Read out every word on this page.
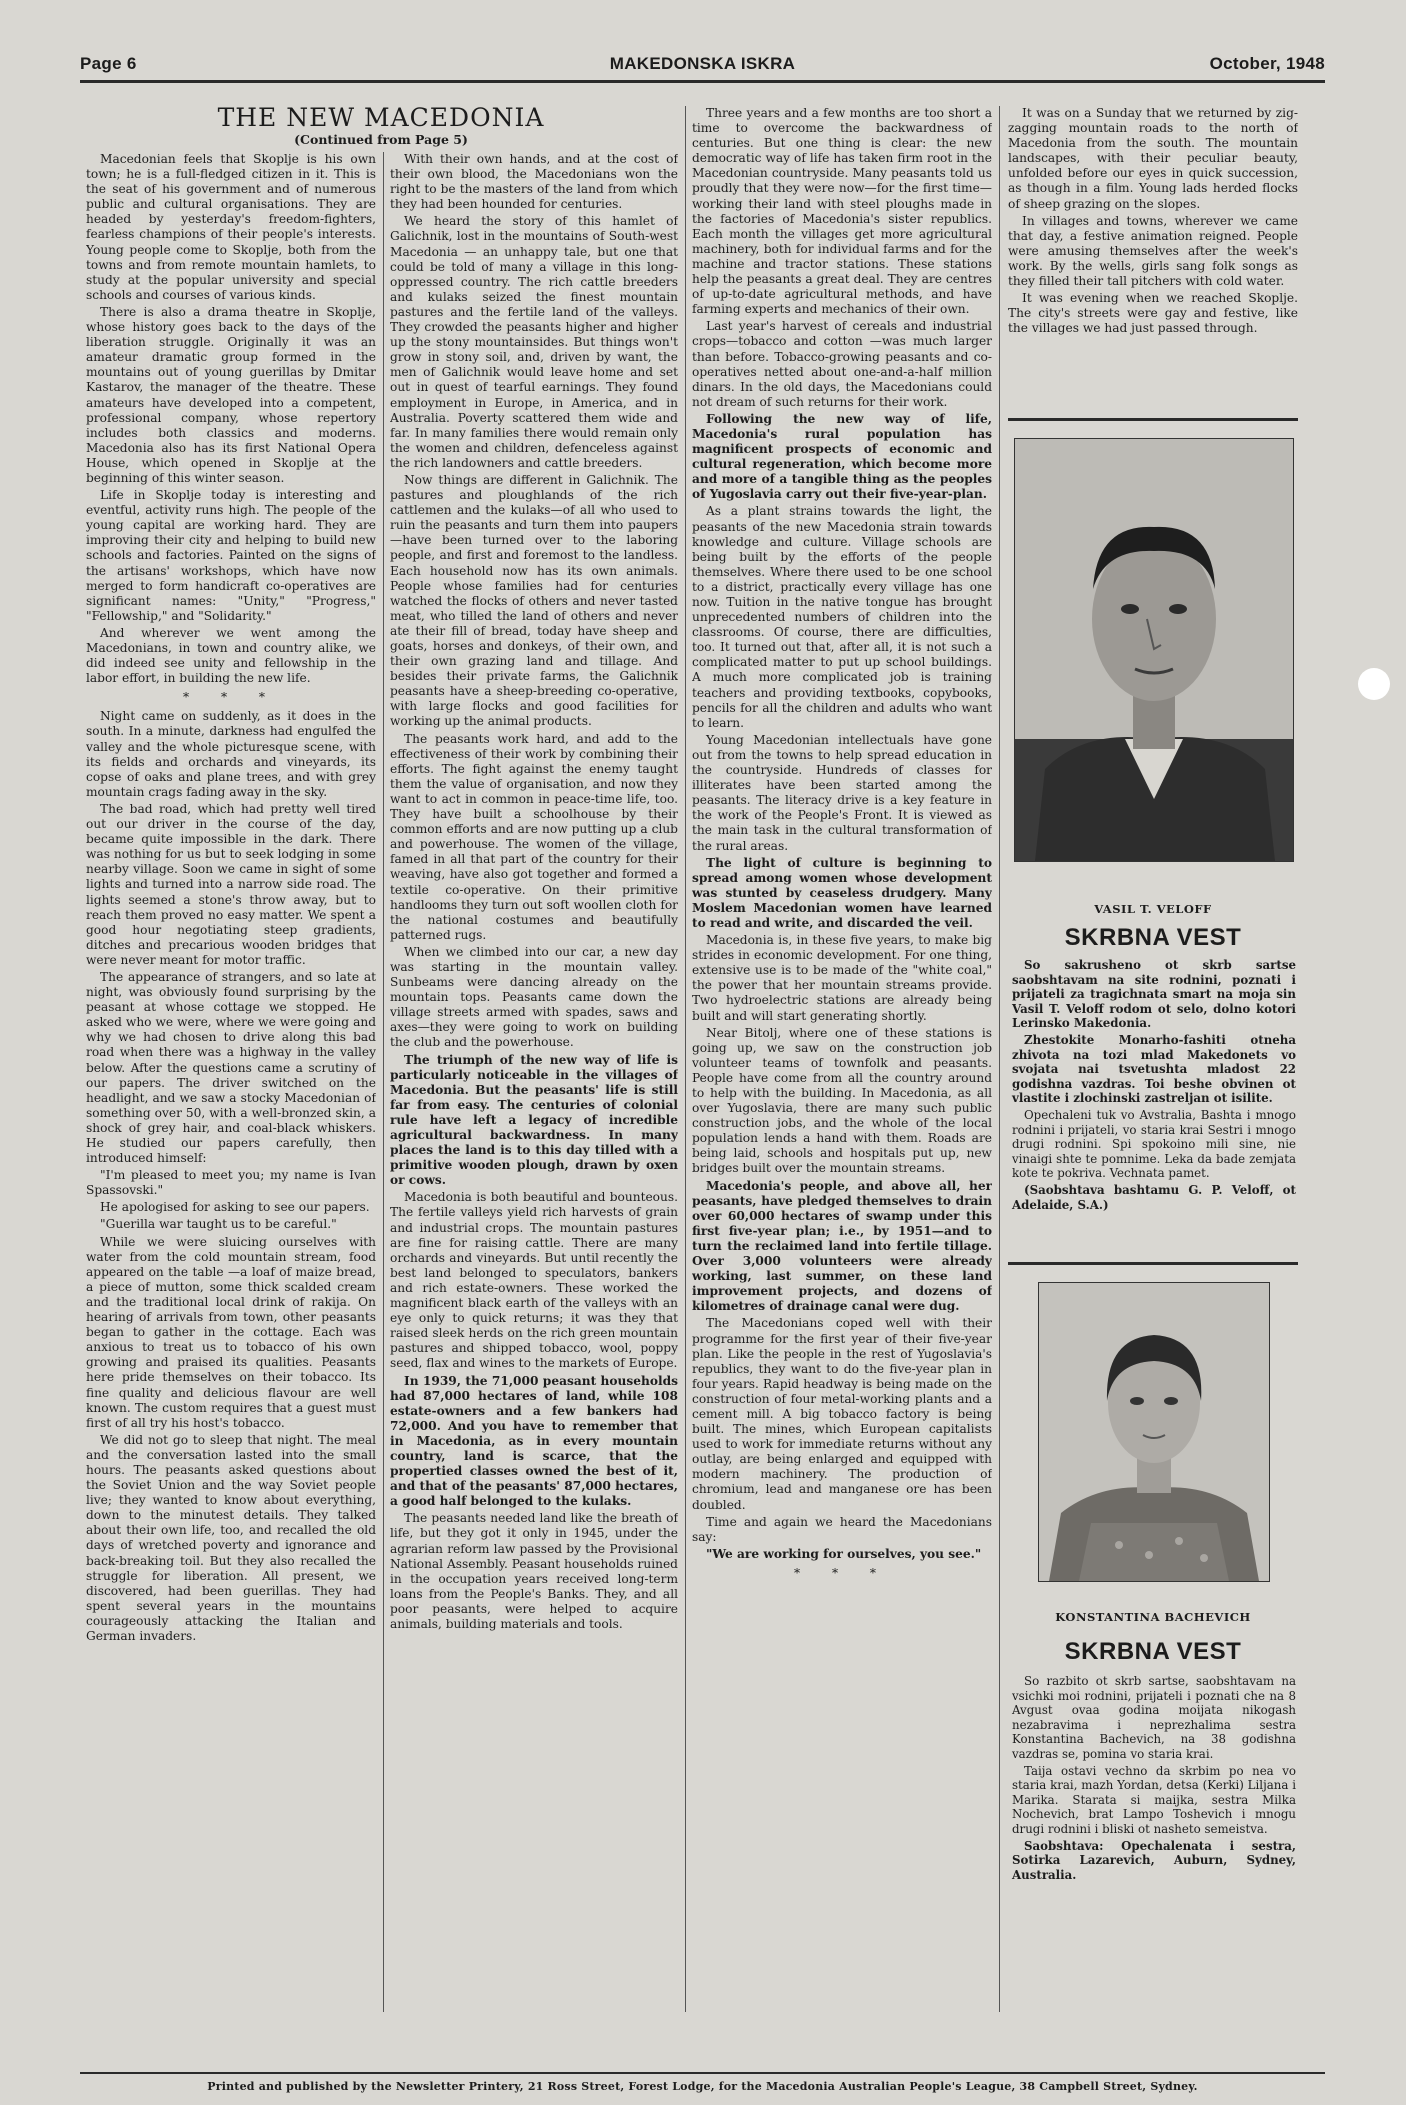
Page 6	MAKEDONSKA ISKRA	October, 1948
THE NEW MACEDONIA
(Continued from Page 5)

Macedonian feels that Skoplje is his own town; he is a full-fledged citizen in it. This is the seat of his government and of numerous public and cultural organisations. They are headed by yesterday's freedom-fighters, fearless champions of their people's interests. Young people come to Skoplje, both from the towns and from remote mountain hamlets, to study at the popular university and special schools and courses of various kinds.

There is also a drama theatre in Skoplje, whose history goes back to the days of the liberation struggle. Originally it was an amateur dramatic group formed in the mountains out of young guerillas by Dmitar Kastarov, the manager of the theatre. These amateurs have developed into a competent, professional company, whose repertory includes both classics and moderns. Macedonia also has its first National Opera House, which opened in Skoplje at the beginning of this winter season.

Life in Skoplje today is interesting and eventful, activity runs high. The people of the young capital are working hard. They are improving their city and helping to build new schools and factories. Painted on the signs of the artisans' workshops, which have now merged to form handicraft co-operatives are significant names: "Unity," "Progress," "Fellowship," and "Solidarity."

And wherever we went among the Macedonians, in town and country alike, we did indeed see unity and fellowship in the labor effort, in building the new life.

* * *

Night came on suddenly, as it does in the south. In a minute, darkness had engulfed the valley and the whole picturesque scene, with its fields and orchards and vineyards, its copse of oaks and plane trees, and with grey mountain crags fading away in the sky.

The bad road, which had pretty well tired out our driver in the course of the day, became quite impossible in the dark. There was nothing for us but to seek lodging in some nearby village. Soon we came in sight of some lights and turned into a narrow side road. The lights seemed a stone's throw away, but to reach them proved no easy matter. We spent a good hour negotiating steep gradients, ditches and precarious wooden bridges that were never meant for motor traffic.

The appearance of strangers, and so late at night, was obviously found surprising by the peasant at whose cottage we stopped. He asked who we were, where we were going and why we had chosen to drive along this bad road when there was a highway in the valley below. After the questions came a scrutiny of our papers. The driver switched on the headlight, and we saw a stocky Macedonian of something over 50, with a well-bronzed skin, a shock of grey hair, and coal-black whiskers. He studied our papers carefully, then introduced himself:

"I'm pleased to meet you; my name is Ivan Spassovski."

He apologised for asking to see our papers.

"Guerilla war taught us to be careful."

While we were sluicing ourselves with water from the cold mountain stream, food appeared on the table —a loaf of maize bread, a piece of mutton, some thick scalded cream and the traditional local drink of rakija. On hearing of arrivals from town, other peasants began to gather in the cottage. Each was anxious to treat us to tobacco of his own growing and praised its qualities. Peasants here pride themselves on their tobacco. Its fine quality and delicious flavour are well known. The custom requires that a guest must first of all try his host's tobacco.

We did not go to sleep that night. The meal and the conversation lasted into the small hours. The peasants asked questions about the Soviet Union and the way Soviet people live; they wanted to know about everything, down to the minutest details. They talked about their own life, too, and recalled the old days of wretched poverty and ignorance and back-breaking toil. But they also recalled the struggle for liberation. All present, we discovered, had been guerillas. They had spent several years in the mountains courageously attacking the Italian and German invaders.

With their own hands, and at the cost of their own blood, the Macedonians won the right to be the masters of the land from which they had been hounded for centuries.

We heard the story of this hamlet of Galichnik, lost in the mountains of South-west Macedonia — an unhappy tale, but one that could be told of many a village in this long-oppressed country. The rich cattle breeders and kulaks seized the finest mountain pastures and the fertile land of the valleys. They crowded the peasants higher and higher up the stony mountainsides. But things won't grow in stony soil, and, driven by want, the men of Galichnik would leave home and set out in quest of tearful earnings. They found employment in Europe, in America, and in Australia. Poverty scattered them wide and far. In many families there would remain only the women and children, defenceless against the rich landowners and cattle breeders.

Now things are different in Galichnik. The pastures and ploughlands of the rich cattlemen and the kulaks—of all who used to ruin the peasants and turn them into paupers—have been turned over to the laboring people, and first and foremost to the landless. Each household now has its own animals. People whose families had for centuries watched the flocks of others and never tasted meat, who tilled the land of others and never ate their fill of bread, today have sheep and goats, horses and donkeys, of their own, and their own grazing land and tillage. And besides their private farms, the Galichnik peasants have a sheep-breeding co-operative, with large flocks and good facilities for working up the animal products.

The peasants work hard, and add to the effectiveness of their work by combining their efforts. The fight against the enemy taught them the value of organisation, and now they want to act in common in peace-time life, too. They have built a schoolhouse by their common efforts and are now putting up a club and powerhouse. The women of the village, famed in all that part of the country for their weaving, have also got together and formed a textile co-operative. On their primitive handlooms they turn out soft woollen cloth for the national costumes and beautifully patterned rugs.

When we climbed into our car, a new day was starting in the mountain valley. Sunbeams were dancing already on the mountain tops. Peasants came down the village streets armed with spades, saws and axes—they were going to work on building the club and the powerhouse.

The triumph of the new way of life is particularly noticeable in the villages of Macedonia. But the peasants' life is still far from easy. The centuries of colonial rule have left a legacy of incredible agricultural backwardness. In many places the land is to this day tilled with a primitive wooden plough, drawn by oxen or cows.

Macedonia is both beautiful and bounteous. The fertile valleys yield rich harvests of grain and industrial crops. The mountain pastures are fine for raising cattle. There are many orchards and vineyards. But until recently the best land belonged to speculators, bankers and rich estate-owners. These worked the magnificent black earth of the valleys with an eye only to quick returns; it was they that raised sleek herds on the rich green mountain pastures and shipped tobacco, wool, poppy seed, flax and wines to the markets of Europe.

In 1939, the 71,000 peasant households had 87,000 hectares of land, while 108 estate-owners and a few bankers had 72,000. And you have to remember that in Macedonia, as in every mountain country, land is scarce, that the propertied classes owned the best of it, and that of the peasants' 87,000 hectares, a good half belonged to the kulaks.

The peasants needed land like the breath of life, but they got it only in 1945, under the agrarian reform law passed by the Provisional National Assembly. Peasant households ruined in the occupation years received long-term loans from the People's Banks. They, and all poor peasants, were helped to acquire animals, building materials and tools.

Three years and a few months are too short a time to overcome the backwardness of centuries. But one thing is clear: the new democratic way of life has taken firm root in the Macedonian countryside. Many peasants told us proudly that they were now—for the first time—working their land with steel ploughs made in the factories of Macedonia's sister republics. Each month the villages get more agricultural machinery, both for individual farms and for the machine and tractor stations. These stations help the peasants a great deal. They are centres of up-to-date agricultural methods, and have farming experts and mechanics of their own.

Last year's harvest of cereals and industrial crops—tobacco and cotton —was much larger than before. Tobacco-growing peasants and co-operatives netted about one-and-a-half million dinars. In the old days, the Macedonians could not dream of such returns for their work.

Following the new way of life, Macedonia's rural population has magnificent prospects of economic and cultural regeneration, which become more and more of a tangible thing as the peoples of Yugoslavia carry out their five-year-plan.

As a plant strains towards the light, the peasants of the new Macedonia strain towards knowledge and culture. Village schools are being built by the efforts of the people themselves. Where there used to be one school to a district, practically every village has one now. Tuition in the native tongue has brought unprecedented numbers of children into the classrooms. Of course, there are difficulties, too. It turned out that, after all, it is not such a complicated matter to put up school buildings. A much more complicated job is training teachers and providing textbooks, copybooks, pencils for all the children and adults who want to learn.

Young Macedonian intellectuals have gone out from the towns to help spread education in the countryside. Hundreds of classes for illiterates have been started among the peasants. The literacy drive is a key feature in the work of the People's Front. It is viewed as the main task in the cultural transformation of the rural areas.

The light of culture is beginning to spread among women whose development was stunted by ceaseless drudgery. Many Moslem Macedonian women have learned to read and write, and discarded the veil.

Macedonia is, in these five years, to make big strides in economic development. For one thing, extensive use is to be made of the "white coal," the power that her mountain streams provide. Two hydroelectric stations are already being built and will start generating shortly.

Near Bitolj, where one of these stations is going up, we saw on the construction job volunteer teams of townfolk and peasants. People have come from all the country around to help with the building. In Macedonia, as all over Yugoslavia, there are many such public construction jobs, and the whole of the local population lends a hand with them. Roads are being laid, schools and hospitals put up, new bridges built over the mountain streams.

Macedonia's people, and above all, her peasants, have pledged themselves to drain over 60,000 hectares of swamp under this first five-year plan; i.e., by 1951—and to turn the reclaimed land into fertile tillage. Over 3,000 volunteers were already working, last summer, on these land improvement projects, and dozens of kilometres of drainage canal were dug.

The Macedonians coped well with their programme for the first year of their five-year plan. Like the people in the rest of Yugoslavia's republics, they want to do the five-year plan in four years. Rapid headway is being made on the construction of four metal-working plants and a cement mill. A big tobacco factory is being built. The mines, which European capitalists used to work for immediate returns without any outlay, are being enlarged and equipped with modern machinery. The production of chromium, lead and manganese ore has been doubled.

Time and again we heard the Macedonians say:

"We are working for ourselves, you see."

* * *

It was on a Sunday that we returned by zig-zagging mountain roads to the north of Macedonia from the south. The mountain landscapes, with their peculiar beauty, unfolded before our eyes in quick succession, as though in a film. Young lads herded flocks of sheep grazing on the slopes.

In villages and towns, wherever we came that day, a festive animation reigned. People were amusing themselves after the week's work. By the wells, girls sang folk songs as they filled their tall pitchers with cold water.

It was evening when we reached Skoplje. The city's streets were gay and festive, like the villages we had just passed through.

VASIL T. VELOFF
SKRBNA VEST

So sakrusheno ot skrb sartse saobshtavam na site rodnini, poznati i prijateli za tragichnata smart na moja sin Vasil T. Veloff rodom ot selo, dolno kotori Lerinsko Makedonia.

Zhestokite Monarho-fashiti otneha zhivota na tozi mlad Makedonets vo svojata nai tsvetushta mladost 22 godishna vazdras. Toi beshe obvinen ot vlastite i zloсhinski zastreljan ot isilite.

Opechaleni tuk vo Avstralia, Bashta i mnogo rodnini i prijateli, vo staria krai Sestri i mnogo drugi rodnini. Spi spokoino mili sine, nie vinaigi shte te pomnime. Leka da bade zemjata kote te pokriva. Vechnata pamet.

(Saobshtava bashtamu G. P. Veloff, ot Adelaide, S.A.)

KONSTANTINA BACHEVICH
SKRBNA VEST

So razbito ot skrb sartse, saobshtavam na vsichki moi rodnini, prijateli i poznati che na 8 Avgust ovaa godina moijata nikogash nezabravima i neprezhalima sestra Konstantina Bachevich, na 38 godishna vazdras se, pomina vo staria krai.

Taija ostavi vechno da skrbim po nea vo staria krai, mazh Yordan, detsa (Kerki) Liljana i Marika. Starata si maijka, sestra Milka Nochevich, brat Lampo Toshevich i mnogu drugi rodnini i bliski ot nasheto semeistva.

Saobshtava: Opechalenata i sestra, Sotirka Lazarevich, Auburn, Sydney, Australia.

Printed and published by the Newsletter Printery, 21 Ross Street, Forest Lodge, for the Macedonia Australian People's League, 38 Campbell Street, Sydney.
